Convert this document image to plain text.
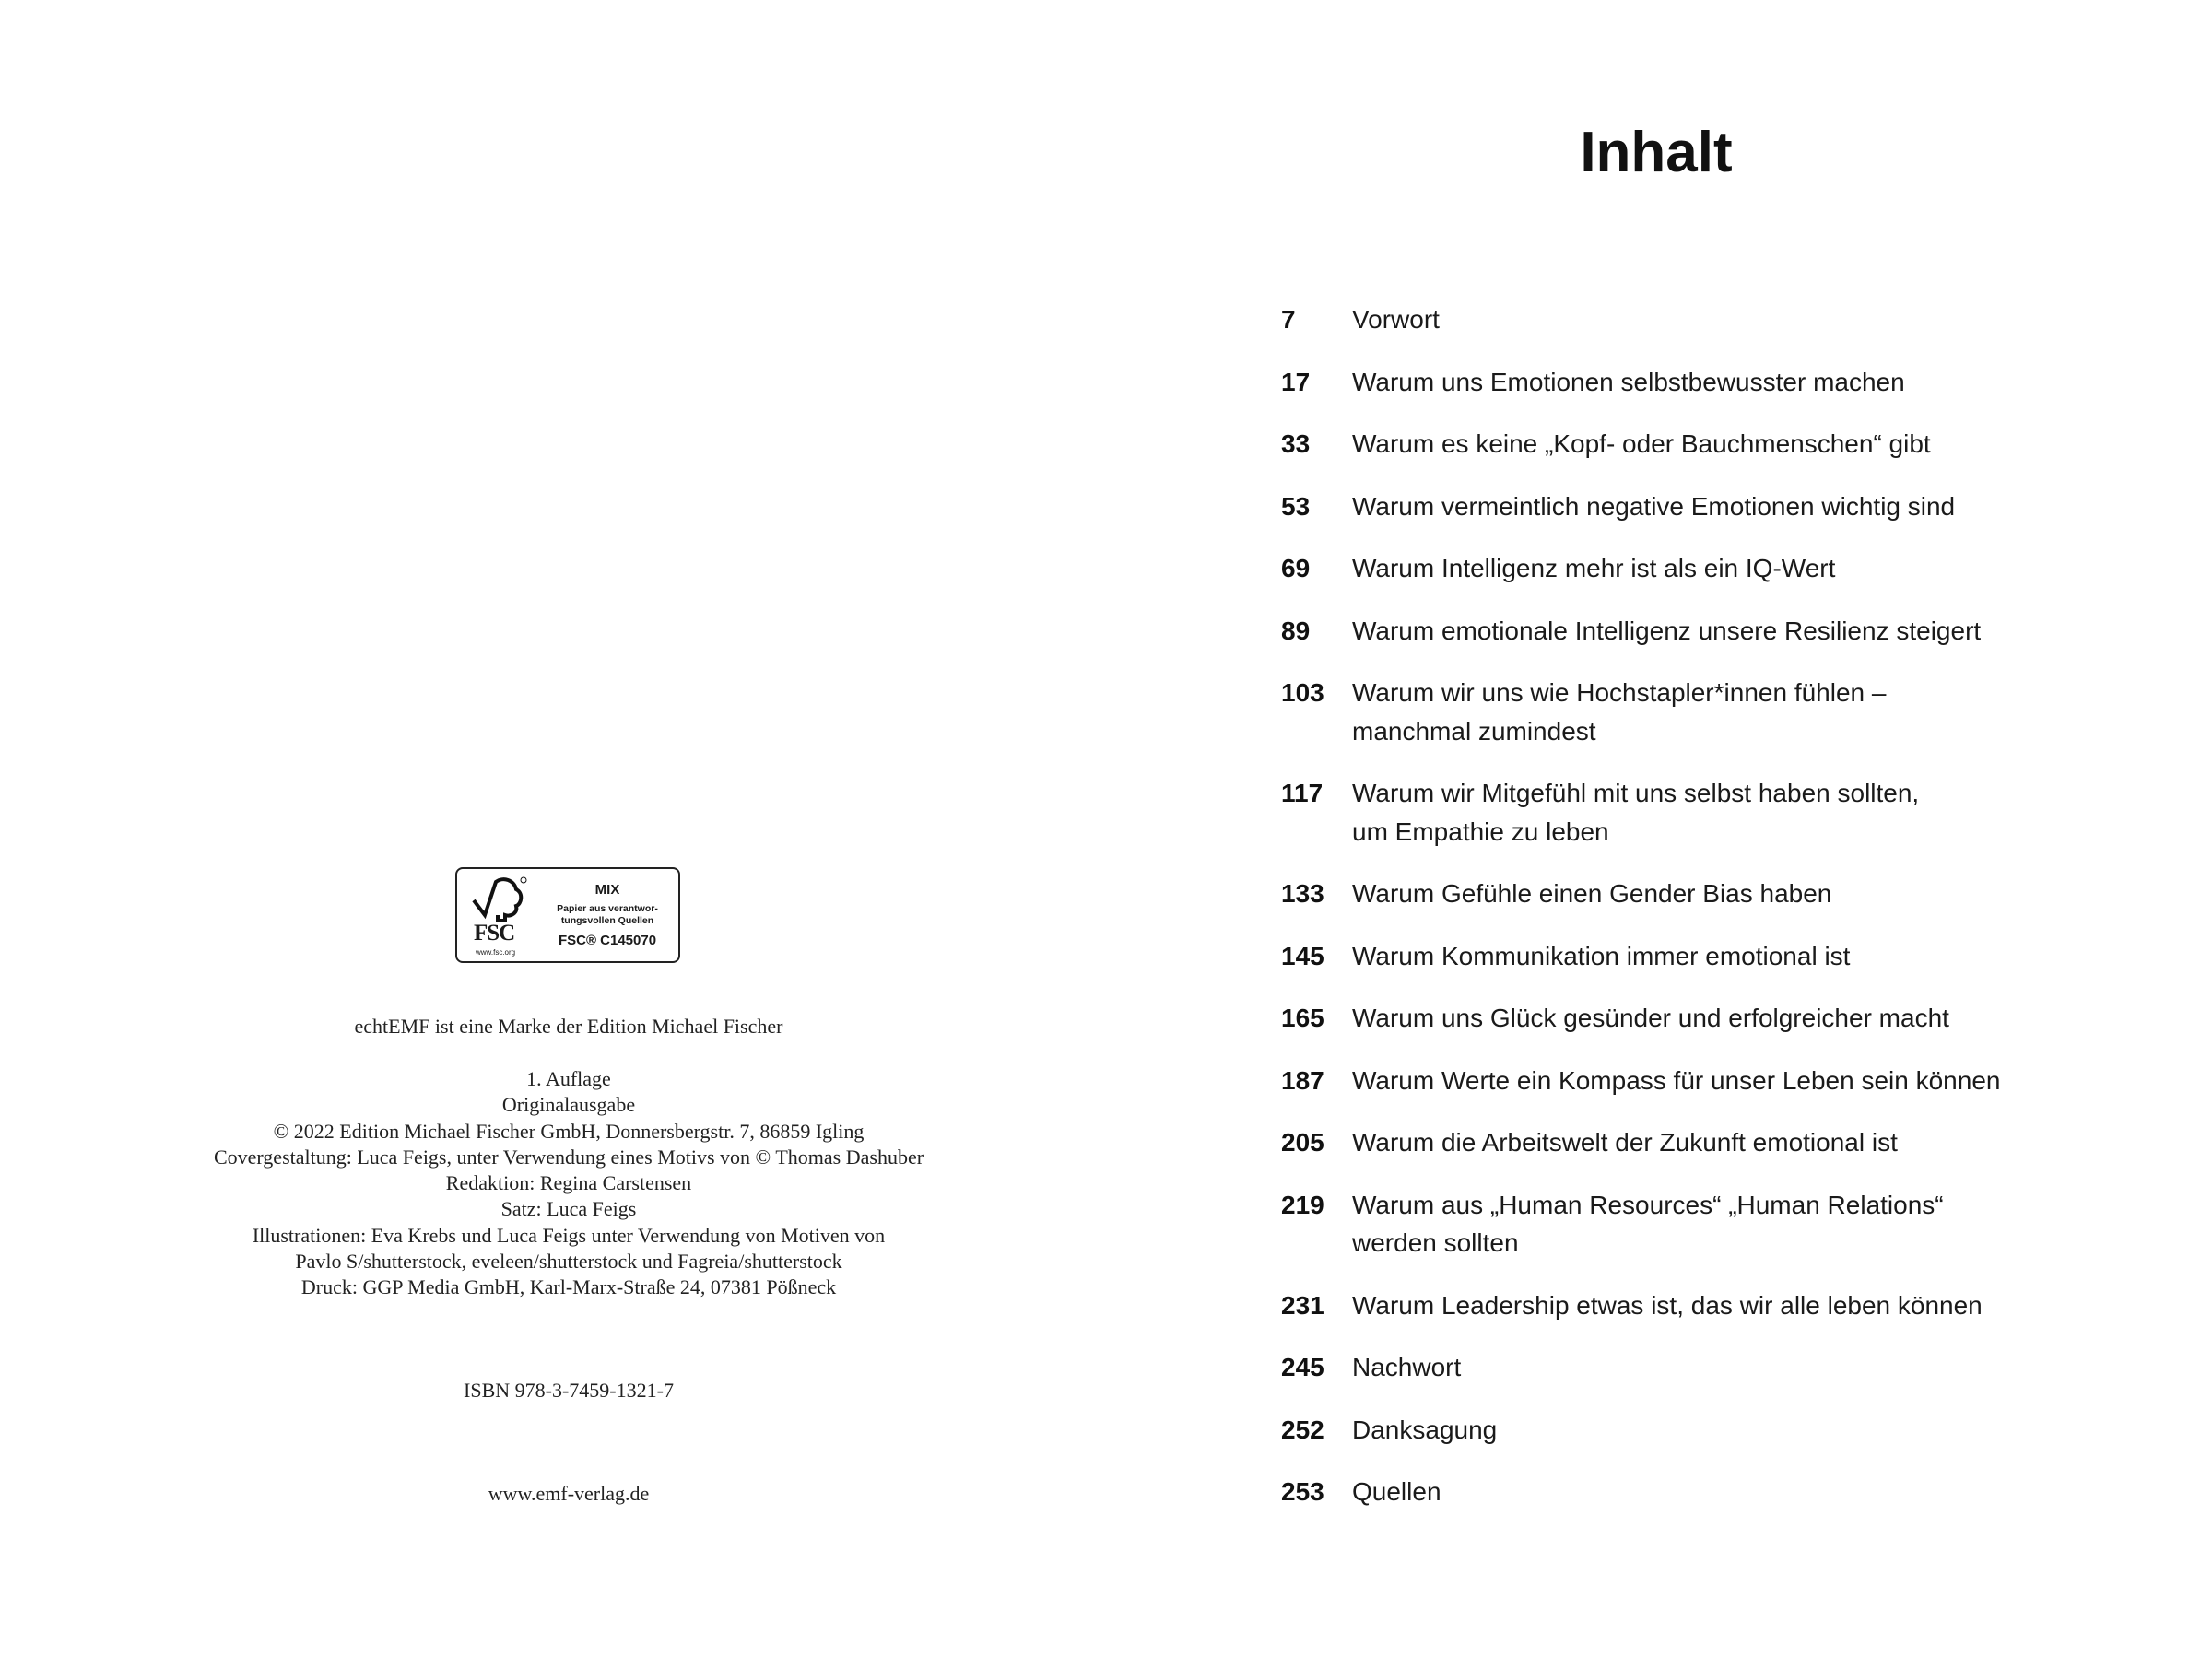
FSC
www.fsc.org
MIX
Papier aus verantwor-
tungsvollen Quellen
FSC® C145070
echtEMF ist eine Marke der Edition Michael Fischer
1. Auflage
Originalausgabe
© 2022 Edition Michael Fischer GmbH, Donnersbergstr. 7, 86859 Igling
Covergestaltung: Luca Feigs, unter Verwendung eines Motivs von © Thomas Dashuber
Redaktion: Regina Carstensen
Satz: Luca Feigs
Illustrationen: Eva Krebs und Luca Feigs unter Verwendung von Motiven von
Pavlo S/shutterstock, eveleen/shutterstock und Fagreia/shutterstock
Druck: GGP Media GmbH, Karl-Marx-Straße 24, 07381 Pößneck
ISBN 978-3-7459-1321-7
www.emf-verlag.de
Inhalt
7	Vorwort
17	Warum uns Emotionen selbstbewusster machen
33	Warum es keine „Kopf- oder Bauchmenschen“ gibt
53	Warum vermeintlich negative Emotionen wichtig sind
69	Warum Intelligenz mehr ist als ein IQ-Wert
89	Warum emotionale Intelligenz unsere Resilienz steigert
103	Warum wir uns wie Hochstapler*innen fühlen –
manchmal zumindest
117	Warum wir Mitgefühl mit uns selbst haben sollten,
um Empathie zu leben
133	Warum Gefühle einen Gender Bias haben
145	Warum Kommunikation immer emotional ist
165	Warum uns Glück gesünder und erfolgreicher macht
187	Warum Werte ein Kompass für unser Leben sein können
205	Warum die Arbeitswelt der Zukunft emotional ist
219	Warum aus „Human Resources“ „Human Relations“
werden sollten
231	Warum Leadership etwas ist, das wir alle leben können
245	Nachwort
252	Danksagung
253	Quellen
